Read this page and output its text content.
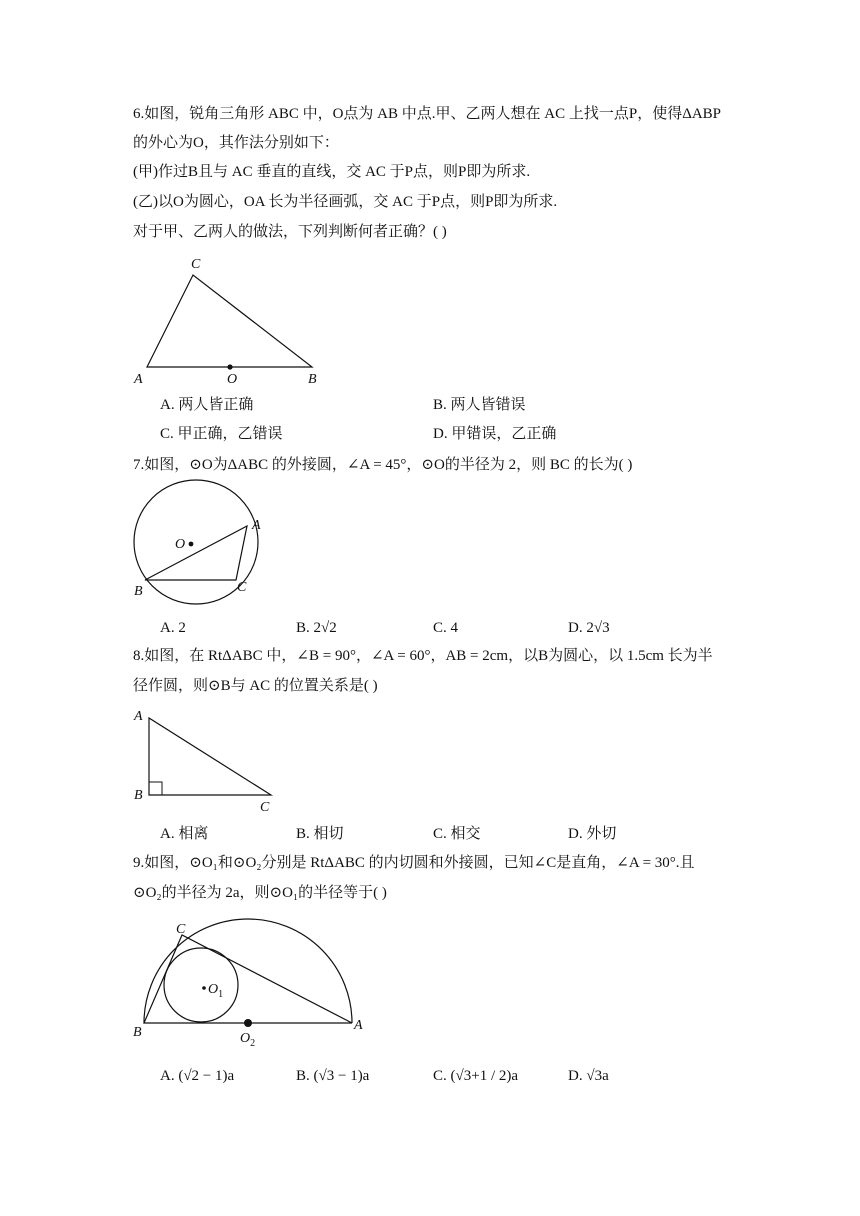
6.如图，锐角三角形 ABC 中，O点为 AB 中点.甲、乙两人想在 AC 上找一点P，使得ΔABP
的外心为O，其作法分别如下：
(甲)作过B且与 AC 垂直的直线，交 AC 于P点，则P即为所求.
(乙)以O为圆心，OA 长为半径画弧，交 AC 于P点，则P即为所求.
对于甲、乙两人的做法，下列判断何者正确？( )
C
A	O	B
A. 两人皆正确	B. 两人皆错误
C. 甲正确，乙错误	D. 甲错误，乙正确
7.如图，⊙O为ΔABC 的外接圆，∠A = 45°，⊙O的半径为 2，则 BC 的长为( )
O
A
B	C
A. 2	B. 2√2	C. 4	D. 2√3
8.如图，在 RtΔABC 中，∠B = 90°，∠A = 60°，AB = 2cm，以B为圆心，以 1.5cm 长为半
径作圆，则⊙B与 AC 的位置关系是( )
A
B
C
A. 相离	B. 相切	C. 相交	D. 外切
9.如图，⊙O₁和⊙O₂分别是 RtΔABC 的内切圆和外接圆，已知∠C是直角，∠A = 30°.且
⊙O₂的半径为 2a，则⊙O₁的半径等于( )
C
B	A
$O_1$
$O_2$
A. (√2 − 1)a	B. (√3 − 1)a	C. (√3+1 / 2)a	D. √3a
